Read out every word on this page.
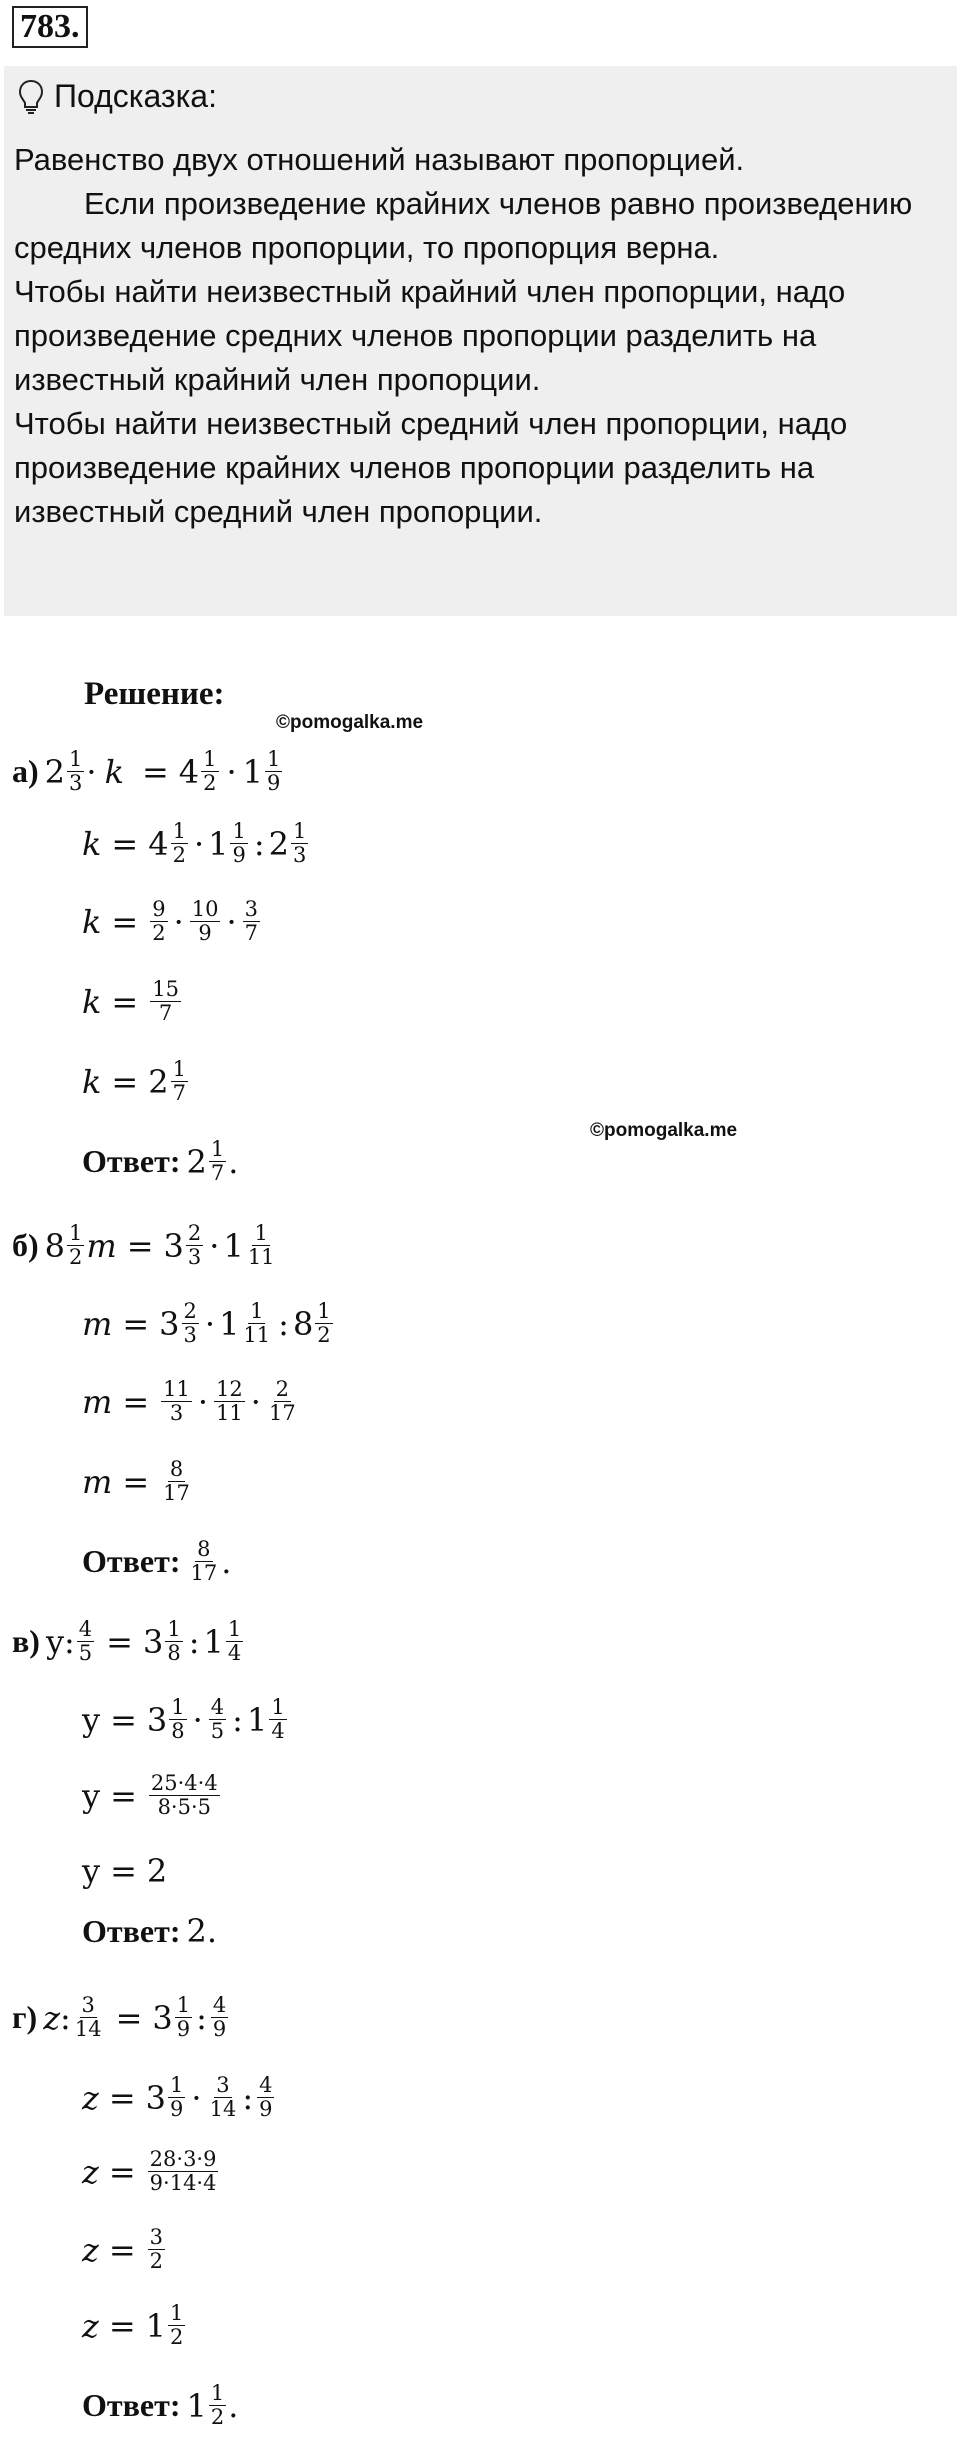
783.
Подсказка:

Равенство двух отношений называют пропорцией.

Если произведение крайних членов равно произведению средних членов пропорции, то пропорция верна.

Чтобы найти неизвестный крайний член пропорции, надо произведение средних членов пропорции разделить на известный крайний член пропорции.

Чтобы найти неизвестный средний член пропорции, надо произведение крайних членов пропорции разделить на известный средний член пропорции.

Решение:
©pomogalka.me
©pomogalka.me
а) $2 \frac{1}{3} \cdot k = 4 \frac{1}{2} \cdot 1 \frac{1}{9}$
$k = 4 \frac{1}{2} \cdot 1 \frac{1}{9}$ : $2 \frac{1}{3}$
$k = \frac{9}{2} \cdot \frac{10}{9} \cdot \frac{3}{7}$
$k = \frac{15}{7}$
$k = 2 \frac{1}{7}$
Ответ: $2 \frac{1}{7}$ .
б) $8 \frac{1}{2}$ $m = 3 \frac{2}{3} \cdot 1 \frac{1}{11}$
$m = 3 \frac{2}{3} \cdot 1 \frac{1}{11}$ : $8 \frac{1}{2}$
$m = \frac{11}{3} \cdot \frac{12}{11} \cdot \frac{2}{17}$
$m = \frac{8}{17}$
Ответ: $\frac{8}{17}$ .
в) y : $\frac{4}{5} = 3 \frac{1}{8}$ : $1 \frac{1}{4}$
$y = 3 \frac{1}{8} \cdot \frac{4}{5}$ : $1 \frac{1}{4}$
$y = \frac{25\cdot 4\cdot 4}{8\cdot 5\cdot 5}$
y = 2
Ответ: 2 .
г) z : $\frac{3}{14} = 3 \frac{1}{9}$ : $\frac{4}{9}$
$z = 3 \frac{1}{9} \cdot \frac{3}{14}$ : $\frac{4}{9}$
$z = \frac{28\cdot 3\cdot 9}{9\cdot 14\cdot 4}$
$z = \frac{3}{2}$
$z = 1 \frac{1}{2}$
Ответ: $1 \frac{1}{2}$ .
